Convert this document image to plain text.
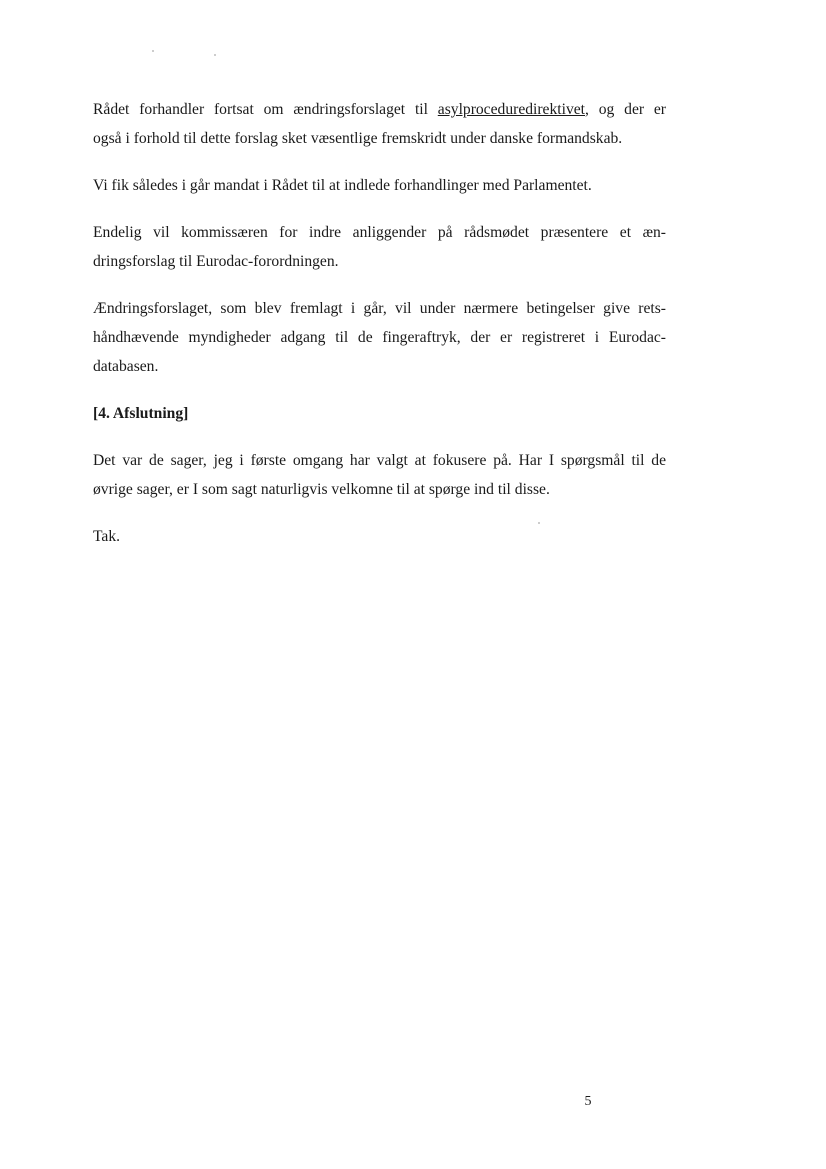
Rådet forhandler fortsat om ændringsforslaget til asylproceduredirektivet, og der er
også i forhold til dette forslag sket væsentlige fremskridt under danske formandskab.

Vi fik således i går mandat i Rådet til at indlede forhandlinger med Parlamentet.

Endelig vil kommissæren for indre anliggender på rådsmødet præsentere et æn-
dringsforslag til Eurodac-forordningen.

Ændringsforslaget, som blev fremlagt i går, vil under nærmere betingelser give rets-
håndhævende myndigheder adgang til de fingeraftryk, der er registreret i Eurodac-
databasen.

[4. Afslutning]

Det var de sager, jeg i første omgang har valgt at fokusere på. Har I spørgsmål til de
øvrige sager, er I som sagt naturligvis velkomne til at spørge ind til disse.

Tak.

5
